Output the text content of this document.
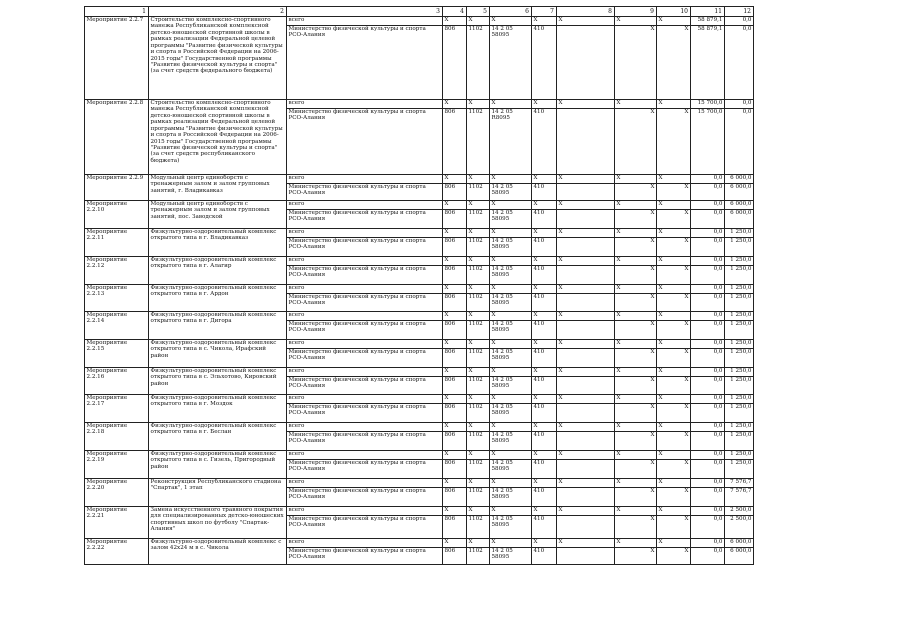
1	2	3	4	5	6	7	8	9	10	11	12	
Мероприятие 2.2.7	Строительство комплексно-спортивного манежа Республиканской комплексной детско-юношеской спортивной школы в рамках реализации Федеральной целевой программы "Развитие физической культуры и спорта в Российской Федерации на 2006-2015 годы" Государственной программы "Развитие физической культуры и спорта"(за счет средств федерального бюджета)	всего	X	X	X	X	X	X	X	58 879,1	0,0	
		Министерство физической культуры и спорта РСО-Алания	806	1102	14 2 05 58095	410		X	X	58 879,1	0,0	
Мероприятие 2.2.8	Строительство комплексно-спортивного манежа Республиканской комплексной детско-юношеской спортивной школы в рамках реализации Федеральной целевой программы "Развитие физической культуры и спорта в Российской Федерации на 2006-2015 годы" Государственной программы "Развитие физической культуры и спорта" (за счет средств республиканского бюджета)	всего	X	X	X	X	X	X	X	15 700,0	0,0	
		Министерство физической культуры и спорта РСО-Алания	806	1102	14 2 05 R8095	410		X	X	15 700,0	0,0	
Мероприятие 2.2.9	Модульный центр единоборств с тренажерным залом и залом групповых занятий, г. Владикавказ	всего	X	X	X	X	X	X	X	0,0	6 000,0	
		Министерство физической культуры и спорта РСО-Алания	806	1102	14 2 05 58095	410		X	X	0,0	6 000,0	
Мероприятие 2.2.10	Модульный центр единоборств с тренажерным залом и залом групповых занятий, пос. Заводской	всего	X	X	X	X	X	X	X	0,0	6 000,0	
		Министерство физической культуры и спорта РСО-Алания	806	1102	14 2 05 58095	410		X	X	0,0	6 000,0	
Мероприятие 2.2.11	Физкультурно-оздоровительный комплекс открытого типа в г. Владикавказ	всего	X	X	X	X	X	X	X	0,0	1 250,0	
		Министерство физической культуры и спорта РСО-Алания	806	1102	14 2 05 58095	410		X	X	0,0	1 250,0	
Мероприятие 2.2.12	Физкультурно-оздоровительный комплекс открытого типа в г. Алагир	всего	X	X	X	X	X	X	X	0,0	1 250,0	
		Министерство физической культуры и спорта РСО-Алания	806	1102	14 2 05 58095	410		X	X	0,0	1 250,0	
Мероприятие 2.2.13	Физкультурно-оздоровительный комплекс открытого типа в г. Ардон	всего	X	X	X	X	X	X	X	0,0	1 250,0	
		Министерство физической культуры и спорта РСО-Алания	806	1102	14 2 05 58095	410		X	X	0,0	1 250,0	
Мероприятие 2.2.14	Физкультурно-оздоровительный комплекс открытого типа в г. Дигора	всего	X	X	X	X	X	X	X	0,0	1 250,0	
		Министерство физической культуры и спорта РСО-Алания	806	1102	14 2 05 58095	410		X	X	0,0	1 250,0	
Мероприятие 2.2.15	Физкультурно-оздоровительный комплекс открытого типа в с. Чикола, Ирафский район	всего	X	X	X	X	X	X	X	0,0	1 250,0	
		Министерство физической культуры и спорта РСО-Алания	806	1102	14 2 05 58095	410		X	X	0,0	1 250,0	
Мероприятие 2.2.16	Физкультурно-оздоровительный комплекс открытого типа в с. Эльхотово, Кировский район	всего	X	X	X	X	X	X	X	0,0	1 250,0	
		Министерство физической культуры и спорта РСО-Алания	806	1102	14 2 05 58095	410		X	X	0,0	1 250,0	
Мероприятие 2.2.17	Физкультурно-оздоровительный комплекс открытого типа в г. Моздок	всего	X	X	X	X	X	X	X	0,0	1 250,0	
		Министерство физической культуры и спорта РСО-Алания	806	1102	14 2 05 58095	410		X	X	0,0	1 250,0	
Мероприятие 2.2.18	Физкультурно-оздоровительный комплекс открытого типа в г. Беслан	всего	X	X	X	X	X	X	X	0,0	1 250,0	
		Министерство физической культуры и спорта РСО-Алания	806	1102	14 2 05 58095	410		X	X	0,0	1 250,0	
Мероприятие 2.2.19	Физкультурно-оздоровительный комплекс открытого типа в с. Гизель, Пригородный район	всего	X	X	X	X	X	X	X	0,0	1 250,0	
		Министерство физической культуры и спорта РСО-Алания	806	1102	14 2 05 58095	410		X	X	0,0	1 250,0	
Мероприятие 2.2.20	Реконструкция Республиканского стадиона "Спартак", 1 этап	всего	X	X	X	X	X	X	X	0,0	7 576,7	
		Министерство физической культуры и спорта РСО-Алания	806	1102	14 2 05 58095	410		X	X	0,0	7 576,7	
Мероприятие 2.2.21	Замена искусственного травяного покрытия для специализированных детско-юношеских спортивных школ по футболу "Спартак-Алания"	всего	X	X	X	X	X	X	X	0,0	2 500,0	
		Министерство физической культуры и спорта РСО-Алания	806	1102	14 2 05 58095	410		X	X	0,0	2 500,0	
Мероприятие 2.2.22	Физкультурно-оздоровительный комплекс с залом 42х24 м в с. Чикола	всего	X	X	X	X	X	X	X	0,0	6 000,0	
		Министерство физической культуры и спорта РСО-Алания	806	1102	14 2 05 58095	410		X	X	0,0	6 000,0	
